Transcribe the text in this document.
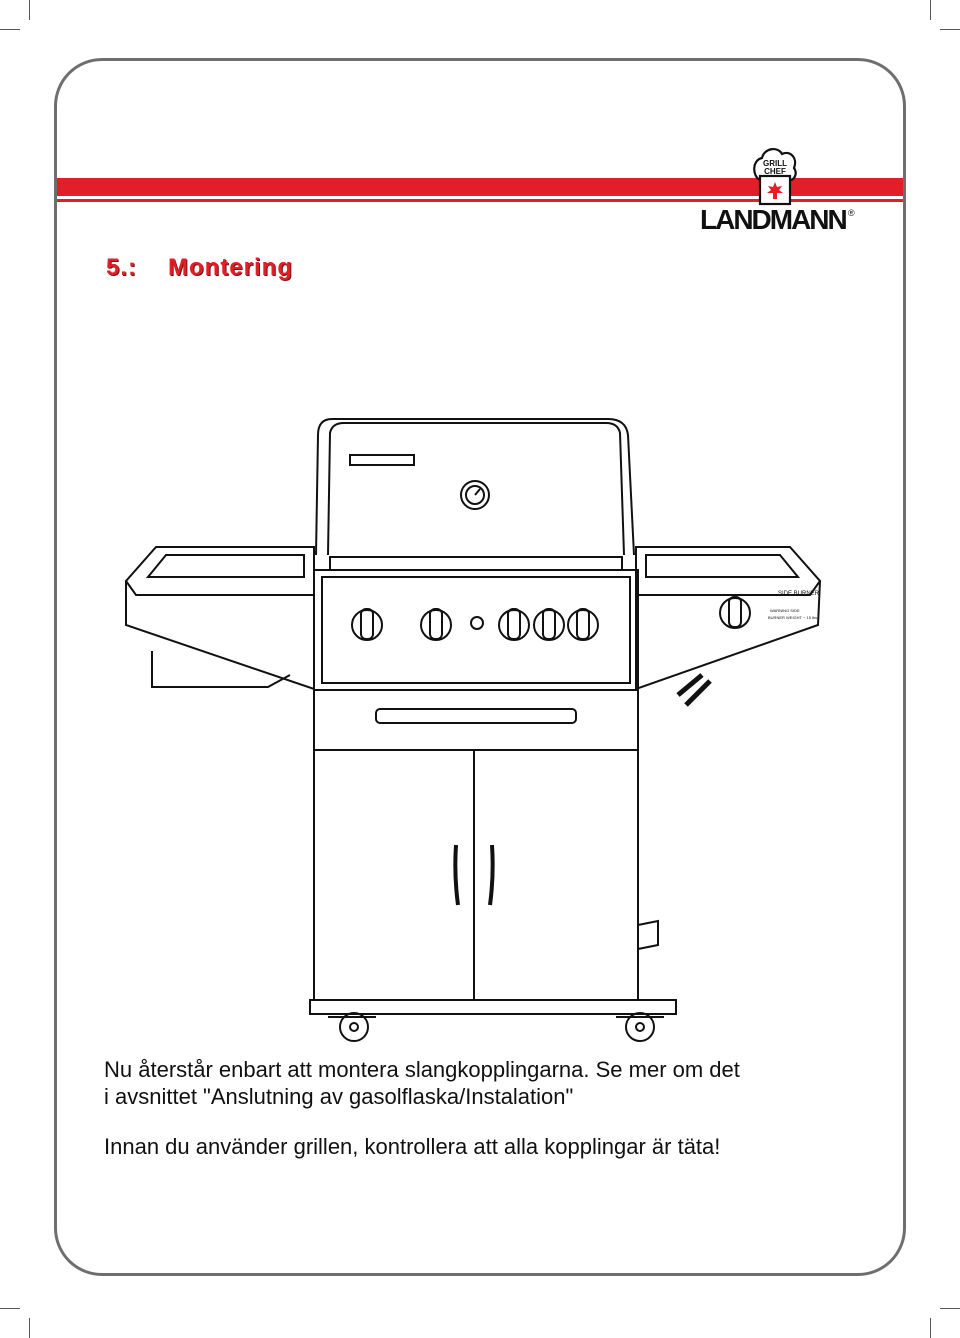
GRILL
CHEF
LANDMANN ®
5.: Montering
SIDE BURNER
WARNING SIDE
BURNER WEIGHT ~ 15 lbs
Nu återstår enbart att montera slangkopplingarna. Se mer om det
i avsnittet "Anslutning av gasolflaska/Instalation"
Innan du använder grillen, kontrollera att alla kopplingar är täta!
